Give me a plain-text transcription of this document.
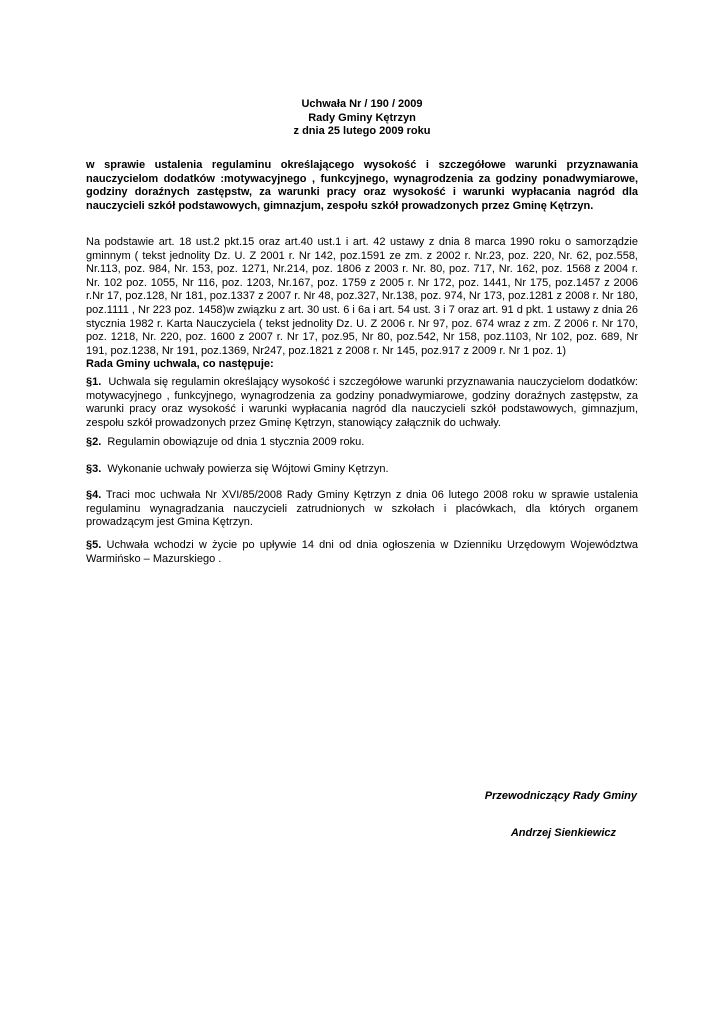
Uchwała Nr / 190 / 2009
Rady Gminy Kętrzyn
z dnia 25 lutego 2009 roku
w sprawie ustalenia regulaminu określającego wysokość i szczegółowe warunki przyznawania nauczycielom dodatków :motywacyjnego , funkcyjnego, wynagrodzenia za godziny ponadwymiarowe, godziny doraźnych zastępstw, za warunki pracy oraz wysokość i warunki wypłacania nagród dla nauczycieli szkół podstawowych, gimnazjum, zespołu szkół prowadzonych przez Gminę Kętrzyn.
Na podstawie art. 18 ust.2 pkt.15 oraz art.40 ust.1 i art. 42 ustawy z dnia 8 marca 1990 roku o samorządzie gminnym ( tekst jednolity Dz. U. Z 2001 r. Nr 142, poz.1591 ze zm. z 2002 r. Nr.23, poz. 220, Nr. 62, poz.558, Nr.113, poz. 984, Nr. 153, poz. 1271, Nr.214, poz. 1806 z 2003 r. Nr. 80, poz. 717, Nr. 162, poz. 1568 z 2004 r. Nr. 102 poz. 1055, Nr 116, poz. 1203, Nr.167, poz. 1759 z 2005 r. Nr 172, poz. 1441, Nr 175, poz.1457 z 2006 r.Nr 17, poz.128, Nr 181, poz.1337 z 2007 r. Nr 48, poz.327, Nr.138, poz. 974, Nr 173, poz.1281 z 2008 r. Nr 180, poz.1111 , Nr 223 poz. 1458)w związku z art. 30 ust. 6 i 6a i art. 54 ust. 3 i 7 oraz art. 91 d pkt. 1 ustawy z dnia 26 stycznia 1982 r. Karta Nauczyciela ( tekst jednolity Dz. U. Z 2006 r. Nr 97, poz. 674 wraz z zm. Z 2006 r. Nr 170, poz. 1218, Nr. 220, poz. 1600 z 2007 r. Nr 17, poz.95, Nr 80, poz.542, Nr 158, poz.1103, Nr 102, poz. 689, Nr 191, poz.1238, Nr 191, poz.1369, Nr247, poz.1821 z 2008 r. Nr 145, poz.917 z 2009 r. Nr 1 poz. 1)
Rada Gminy uchwala, co następuje:
§1. Uchwala się regulamin określający wysokość i szczegółowe warunki przyznawania nauczycielom dodatków: motywacyjnego , funkcyjnego, wynagrodzenia za godziny ponadwymiarowe, godziny doraźnych zastępstw, za warunki pracy oraz wysokość i warunki wypłacania nagród dla nauczycieli szkół podstawowych, gimnazjum, zespołu szkół prowadzonych przez Gminę Kętrzyn, stanowiący załącznik do uchwały.
§2. Regulamin obowiązuje od dnia 1 stycznia 2009 roku.
§3. Wykonanie uchwały powierza się Wójtowi Gminy Kętrzyn.
§4. Traci moc uchwała Nr XVI/85/2008 Rady Gminy Kętrzyn z dnia 06 lutego 2008 roku w sprawie ustalenia regulaminu wynagradzania nauczycieli zatrudnionych w szkołach i placówkach, dla których organem prowadzącym jest Gmina Kętrzyn.
§5. Uchwała wchodzi w życie po upływie 14 dni od dnia ogłoszenia w Dzienniku Urzędowym Województwa Warmińsko – Mazurskiego .
Przewodniczący Rady Gminy
Andrzej Sienkiewicz
